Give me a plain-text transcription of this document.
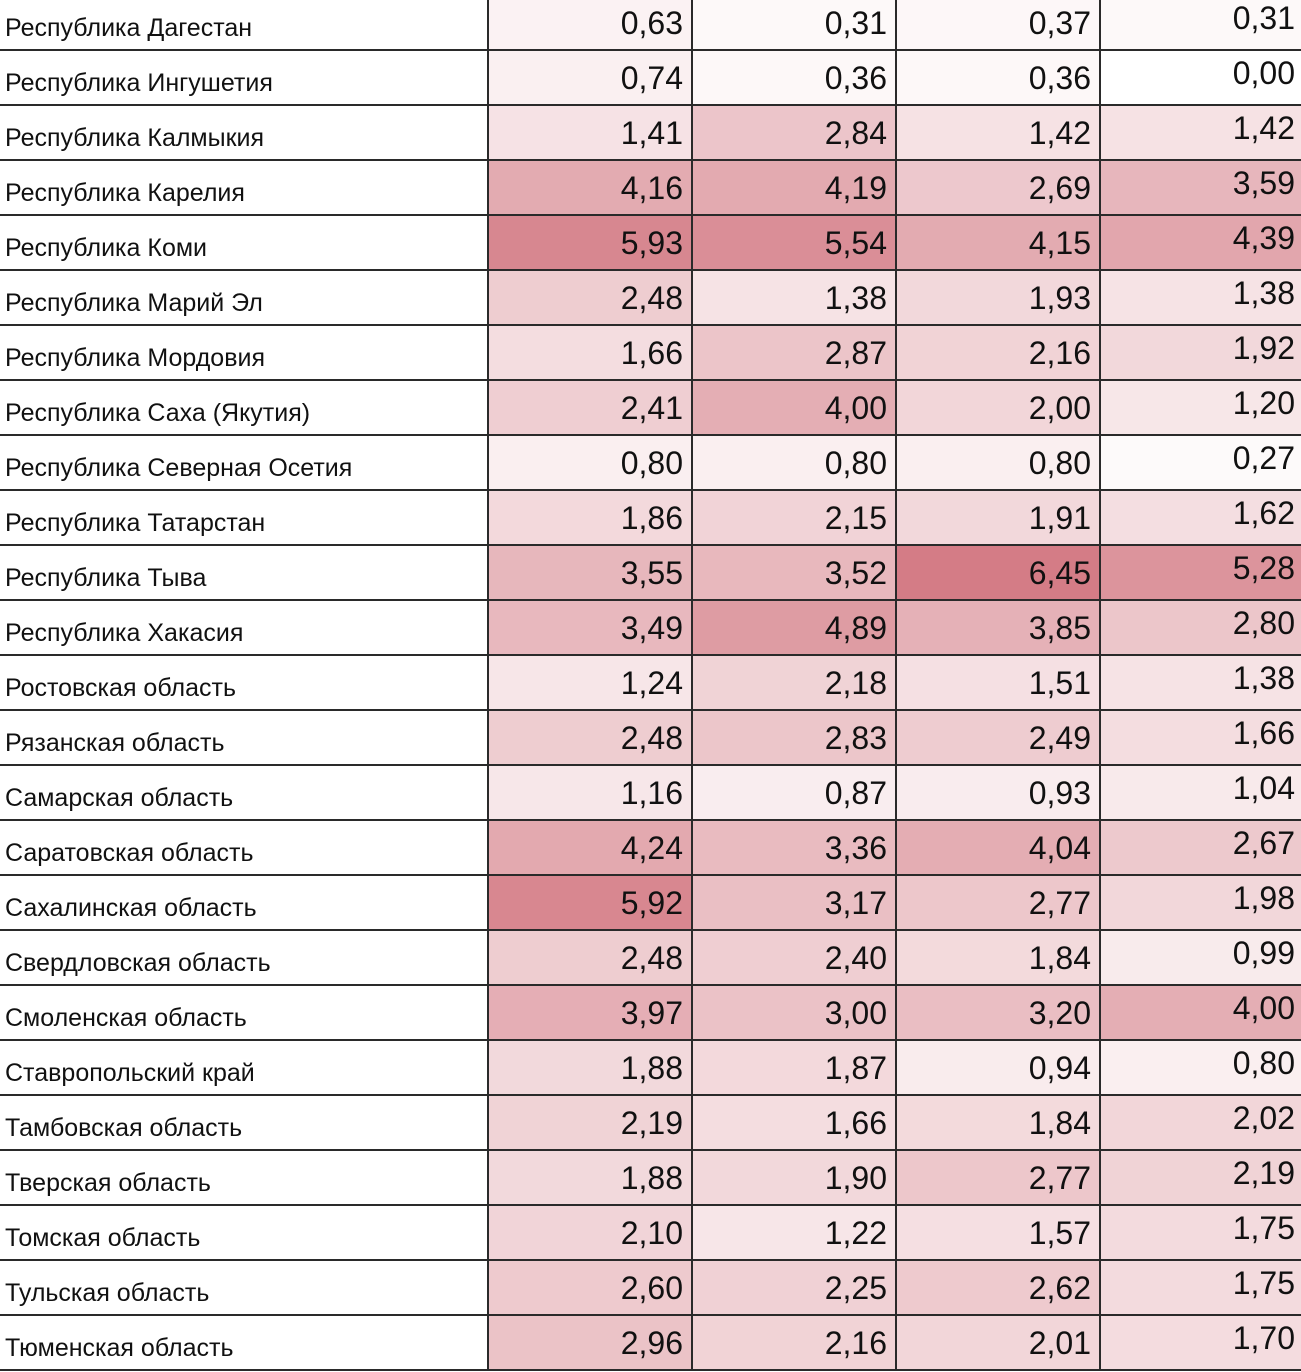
Республика Дагестан	0,63	0,31	0,37	0,31
Республика Ингушетия	0,74	0,36	0,36	0,00
Республика Калмыкия	1,41	2,84	1,42	1,42
Республика Карелия	4,16	4,19	2,69	3,59
Республика Коми	5,93	5,54	4,15	4,39
Республика Марий Эл	2,48	1,38	1,93	1,38
Республика Мордовия	1,66	2,87	2,16	1,92
Республика Саха (Якутия)	2,41	4,00	2,00	1,20
Республика Северная Осетия	0,80	0,80	0,80	0,27
Республика Татарстан	1,86	2,15	1,91	1,62
Республика Тыва	3,55	3,52	6,45	5,28
Республика Хакасия	3,49	4,89	3,85	2,80
Ростовская область	1,24	2,18	1,51	1,38
Рязанская область	2,48	2,83	2,49	1,66
Самарская область	1,16	0,87	0,93	1,04
Саратовская область	4,24	3,36	4,04	2,67
Сахалинская область	5,92	3,17	2,77	1,98
Свердловская область	2,48	2,40	1,84	0,99
Смоленская область	3,97	3,00	3,20	4,00
Ставропольский край	1,88	1,87	0,94	0,80
Тамбовская область	2,19	1,66	1,84	2,02
Тверская область	1,88	1,90	2,77	2,19
Томская область	2,10	1,22	1,57	1,75
Тульская область	2,60	2,25	2,62	1,75
Тюменская область	2,96	2,16	2,01	1,70
